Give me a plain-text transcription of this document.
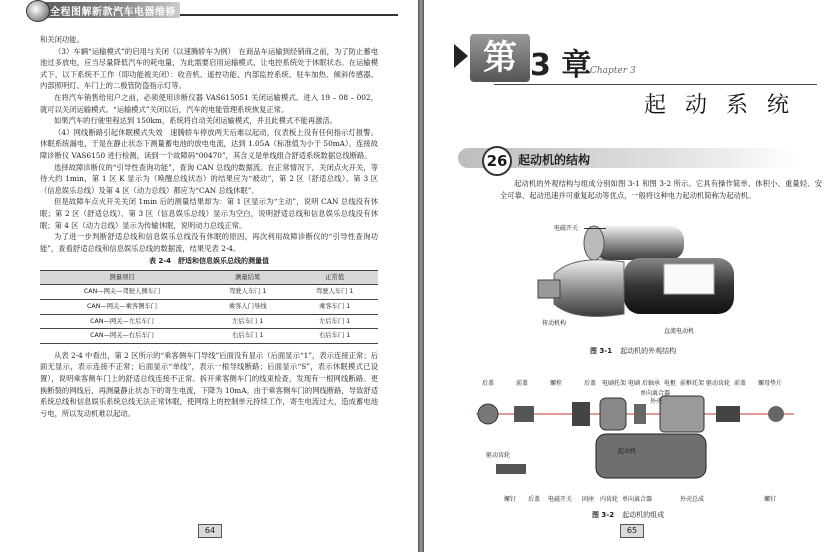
全程图解新款汽车电器维修

和关闭功能。

（3）车辆“运输模式”的启用与关闭（以速腾轿车为例）　在商品车运输到经销商之前，为了防止蓄电池过多放电，应当尽量降低汽车的耗电量，为此需要启用运输模式，让电控系统处于休眠状态。在运输模式下，以下系统不工作（即功能被关闭）：收音机、遥控功能、内部监控系统、驻车加热、倾斜传感器、内部照明灯、车门上的二极管防盗指示灯等。

在将汽车销售给用户之前，必须使用诊断仪器 VAS615051 关闭运输模式。进入 19 – 08 – 002，就可以关闭运输模式。“运输模式”关闭以后，汽车的电能管理系统恢复正常。

如果汽车的行驶里程达到 150km，系统将自动关闭运输模式，并且此模式不能再激活。

（4）网线断路引起休眠模式失效　速腾轿车停放两天后难以起动，仪表板上没有任何指示灯报警。休眠系统漏电，于是在静止状态下测量蓄电池的放电电流，达到 1.05A（标准值为小于 50mA）。连接故障诊断仪 VAS6150 进行检测，读到一个故障码“00470”，其含义是单线组合舒适系统数据总线断路。

选择故障诊断仪的“引导性查询功能”，查询 CAN 总线的数据流。在正常情况下，关闭点火开关，等待大约 1min，第 1 区 K 显示为（唤醒总线状态）的结果应为“被动”，第 2 区（舒适总线）、第 3 区（信息娱乐总线）及第 4 区（动力总线）都应为“CAN 总线休眠”。

但是故障车点火开关关闭 1min 后的测量结果却为：第 1 区显示为“主动”，说明 CAN 总线没有休眠；第 2 区（舒适总线）、第 3 区（信息娱乐总线）显示为空白，说明舒适总线和信息娱乐总线没有休眠；第 4 区（动力总线）显示为传输休眠，说明动力总线正常。

为了进一步判断舒适总线和信息娱乐总线没有休眠的原因，再次利用故障诊断仪的“引导性查询功能”，查看舒适总线和信息娱乐总线的数据流，结果见表 2-4。

表 2-4　舒适和信息娱乐总线的测量值
测量项目	测量结果	正常值
CAN—网关—驾驶人侧车门	驾驶人车门 1	驾驶人车门 1
CAN—网关—乘客侧车门	乘客人门导线	乘客车门 1
CAN—网关—左后车门	左后车门 1	左后车门 1
CAN—网关—右后车门	右后车门 1	右后车门 1

从表 2-4 中看出，第 2 区所示的“乘客侧车门导线”后面没有显示（后面显示“1”，表示连接正常；后面无显示，表示连接不正常；后面显示“单线”，表示一根导线断路；后面显示“S”，表示休眠模式已设置），说明乘客侧车门上的舒适总线连接不正常。拆开乘客侧车门的线束检查，发现有一根网线断路。更换断裂的网线后，再测量静止状态下的寄生电流，下降为 10mA。由于乘客侧车门的网线断路，导致舒适系统总线和信息娱乐系统总线无法正常休眠，使网络上的控制单元持续工作，寄生电流过大，造成蓄电池亏电，所以发动机难以起动。

64
第 3 章
Chapter 3
起 动 系 统
26 起动机的结构

起动机的外观结构与组成分别如图 3-1 和图 3-2 所示。它具有操作简单、体积小、重量轻、安全可靠、起动迅速并可重复起动等优点，一般将这种电力起动机简称为起动机。

电磁开关
传动机构
直流电动机
图 3-1 起动机的外观结构
后盖	前盖	螺栓	后盖 电刷托架 电刷 后轴承 电枢 前框托架 驱动齿轮 前盖 螺母垫片
单向离合器
外壳
驱动齿轮
起动机
螺钉 后盖 电磁开关 固座 内齿轮 单向离合器	外壳总成	螺钉
图 3-2 起动机的组成
65
